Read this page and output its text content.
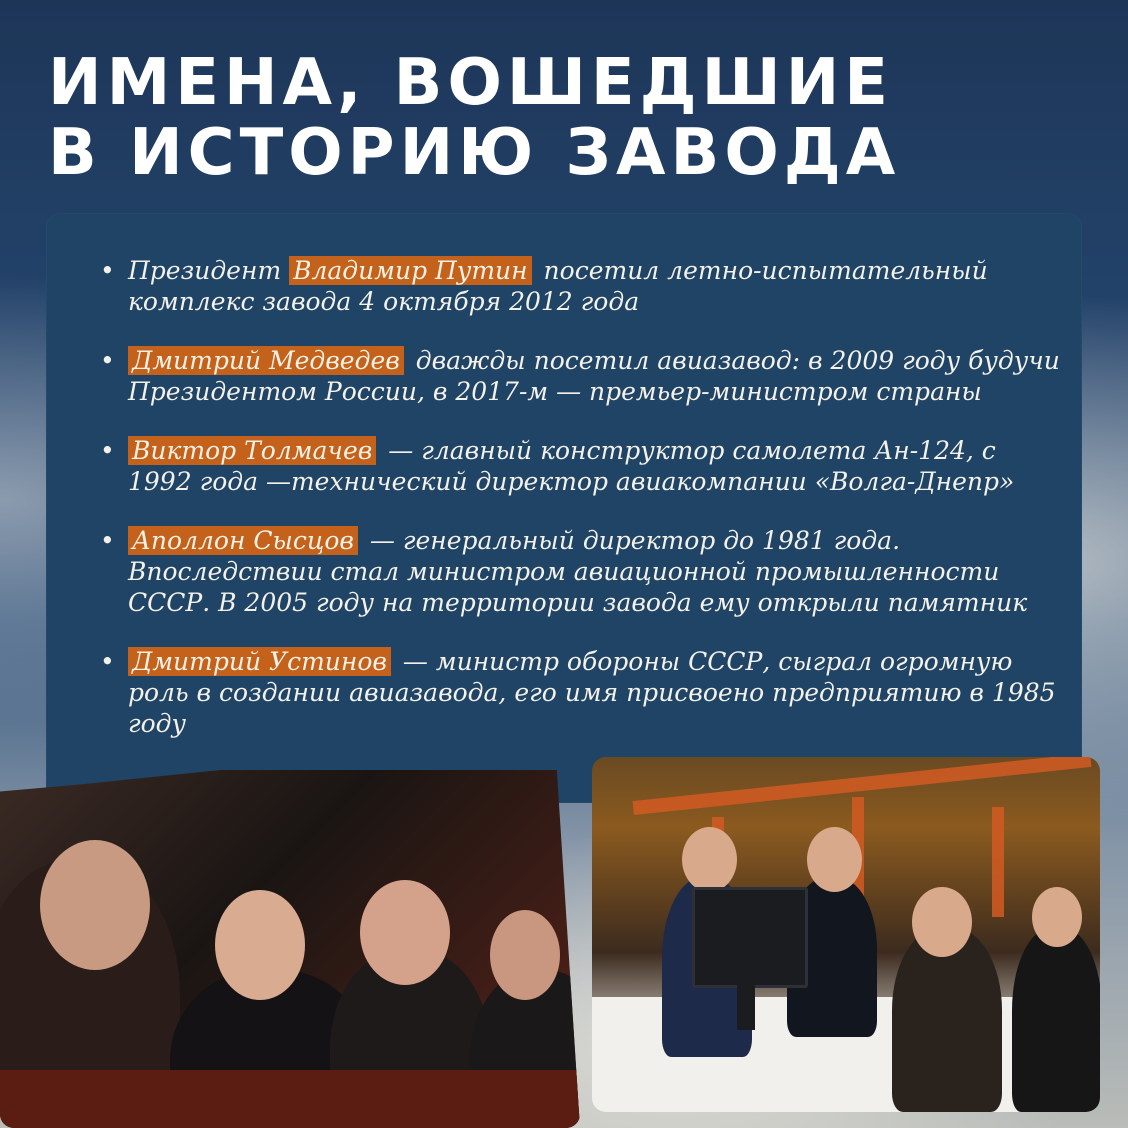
ИМЕНА, ВОШЕДШИЕ
В ИСТОРИЮ ЗАВОДА
• Президент Владимир Путин посетил летно-испытательный комплекс завода 4 октября 2012 года
• Дмитрий Медведев дважды посетил авиазавод: в 2009 году будучи Президентом России, в 2017-м — премьер-министром страны
• Виктор Толмачев — главный конструктор самолета Ан-124, с 1992 года —технический директор авиакомпании «Волга-Днепр»
• Аполлон Сысцов — генеральный директор до 1981 года. Впоследствии стал министром авиационной промышленности СССР. В 2005 году на территории завода ему открыли памятник
• Дмитрий Устинов — министр обороны СССР, сыграл огромную роль в создании авиазавода, его имя присвоено предприятию в 1985 году
